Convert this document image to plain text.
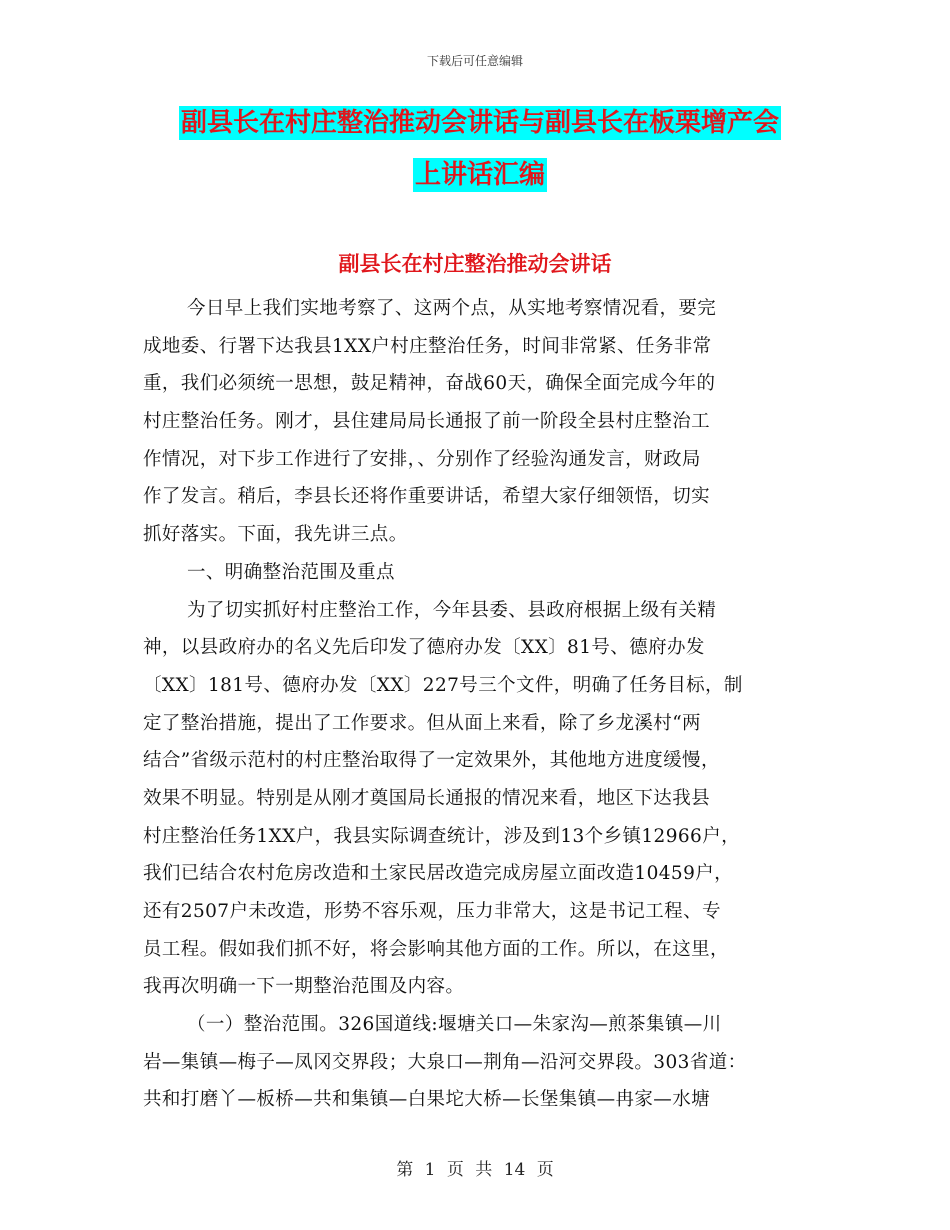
下载后可任意编辑
副县长在村庄整治推动会讲话与副县长在板栗增产会
上讲话汇编
副县长在村庄整治推动会讲话
今日早上我们实地考察了、这两个点，从实地考察情况看，要完
成地委、行署下达我县1XX户村庄整治任务，时间非常紧、任务非常
重，我们必须统一思想，鼓足精神，奋战60天，确保全面完成今年的
村庄整治任务。刚才，县住建局局长通报了前一阶段全县村庄整治工
作情况，对下步工作进行了安排，、分别作了经验沟通发言，财政局
作了发言。稍后，李县长还将作重要讲话，希望大家仔细领悟，切实
抓好落实。下面，我先讲三点。
一、明确整治范围及重点
为了切实抓好村庄整治工作，今年县委、县政府根据上级有关精
神，以县政府办的名义先后印发了德府办发〔XX〕81号、德府办发
〔XX〕181号、德府办发〔XX〕227号三个文件，明确了任务目标，制
定了整治措施，提出了工作要求。但从面上来看，除了乡龙溪村“两
结合”省级示范村的村庄整治取得了一定效果外，其他地方进度缓慢，
效果不明显。特别是从刚才奠国局长通报的情况来看，地区下达我县
村庄整治任务1XX户，我县实际调查统计，涉及到13个乡镇12966户，
我们已结合农村危房改造和土家民居改造完成房屋立面改造10459户，
还有2507户未改造，形势不容乐观，压力非常大，这是书记工程、专
员工程。假如我们抓不好，将会影响其他方面的工作。所以，在这里，
我再次明确一下一期整治范围及内容。
（一）整治范围。326国道线:堰塘关口—朱家沟—煎茶集镇—川
岩—集镇—梅子—凤冈交界段；大泉口—荆角—沿河交界段。303省道：
共和打磨丫—板桥—共和集镇—白果坨大桥—长堡集镇—冉家—水塘
第 1 页 共 14 页
